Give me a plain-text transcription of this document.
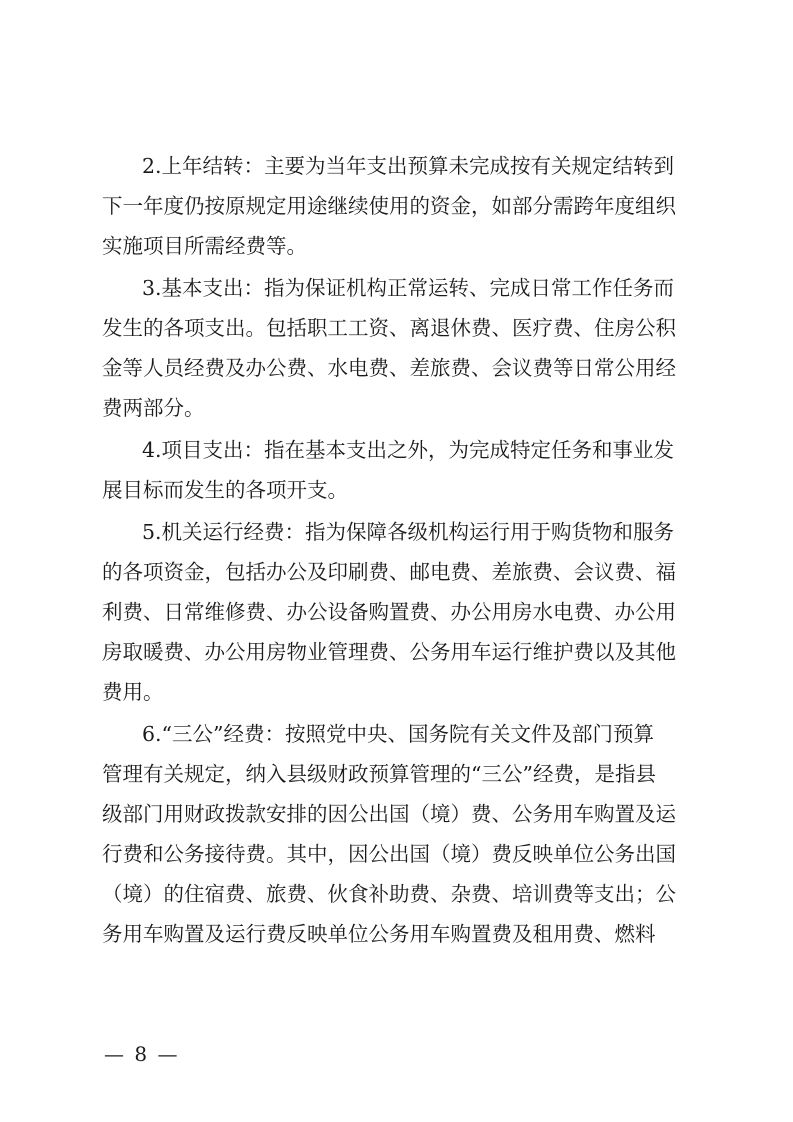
2.上年结转：主要为当年支出预算未完成按有关规定结转到
下一年度仍按原规定用途继续使用的资金，如部分需跨年度组织
实施项目所需经费等。
3.基本支出：指为保证机构正常运转、完成日常工作任务而
发生的各项支出。包括职工工资、离退休费、医疗费、住房公积
金等人员经费及办公费、水电费、差旅费、会议费等日常公用经
费两部分。
4.项目支出：指在基本支出之外，为完成特定任务和事业发
展目标而发生的各项开支。
5.机关运行经费：指为保障各级机构运行用于购货物和服务
的各项资金，包括办公及印刷费、邮电费、差旅费、会议费、福
利费、日常维修费、办公设备购置费、办公用房水电费、办公用
房取暖费、办公用房物业管理费、公务用车运行维护费以及其他
费用。
6.“三公”经费：按照党中央、国务院有关文件及部门预算
管理有关规定，纳入县级财政预算管理的“三公”经费，是指县
级部门用财政拨款安排的因公出国（境）费、公务用车购置及运
行费和公务接待费。其中，因公出国（境）费反映单位公务出国
（境）的住宿费、旅费、伙食补助费、杂费、培训费等支出；公
务用车购置及运行费反映单位公务用车购置费及租用费、燃料
— 8 —
